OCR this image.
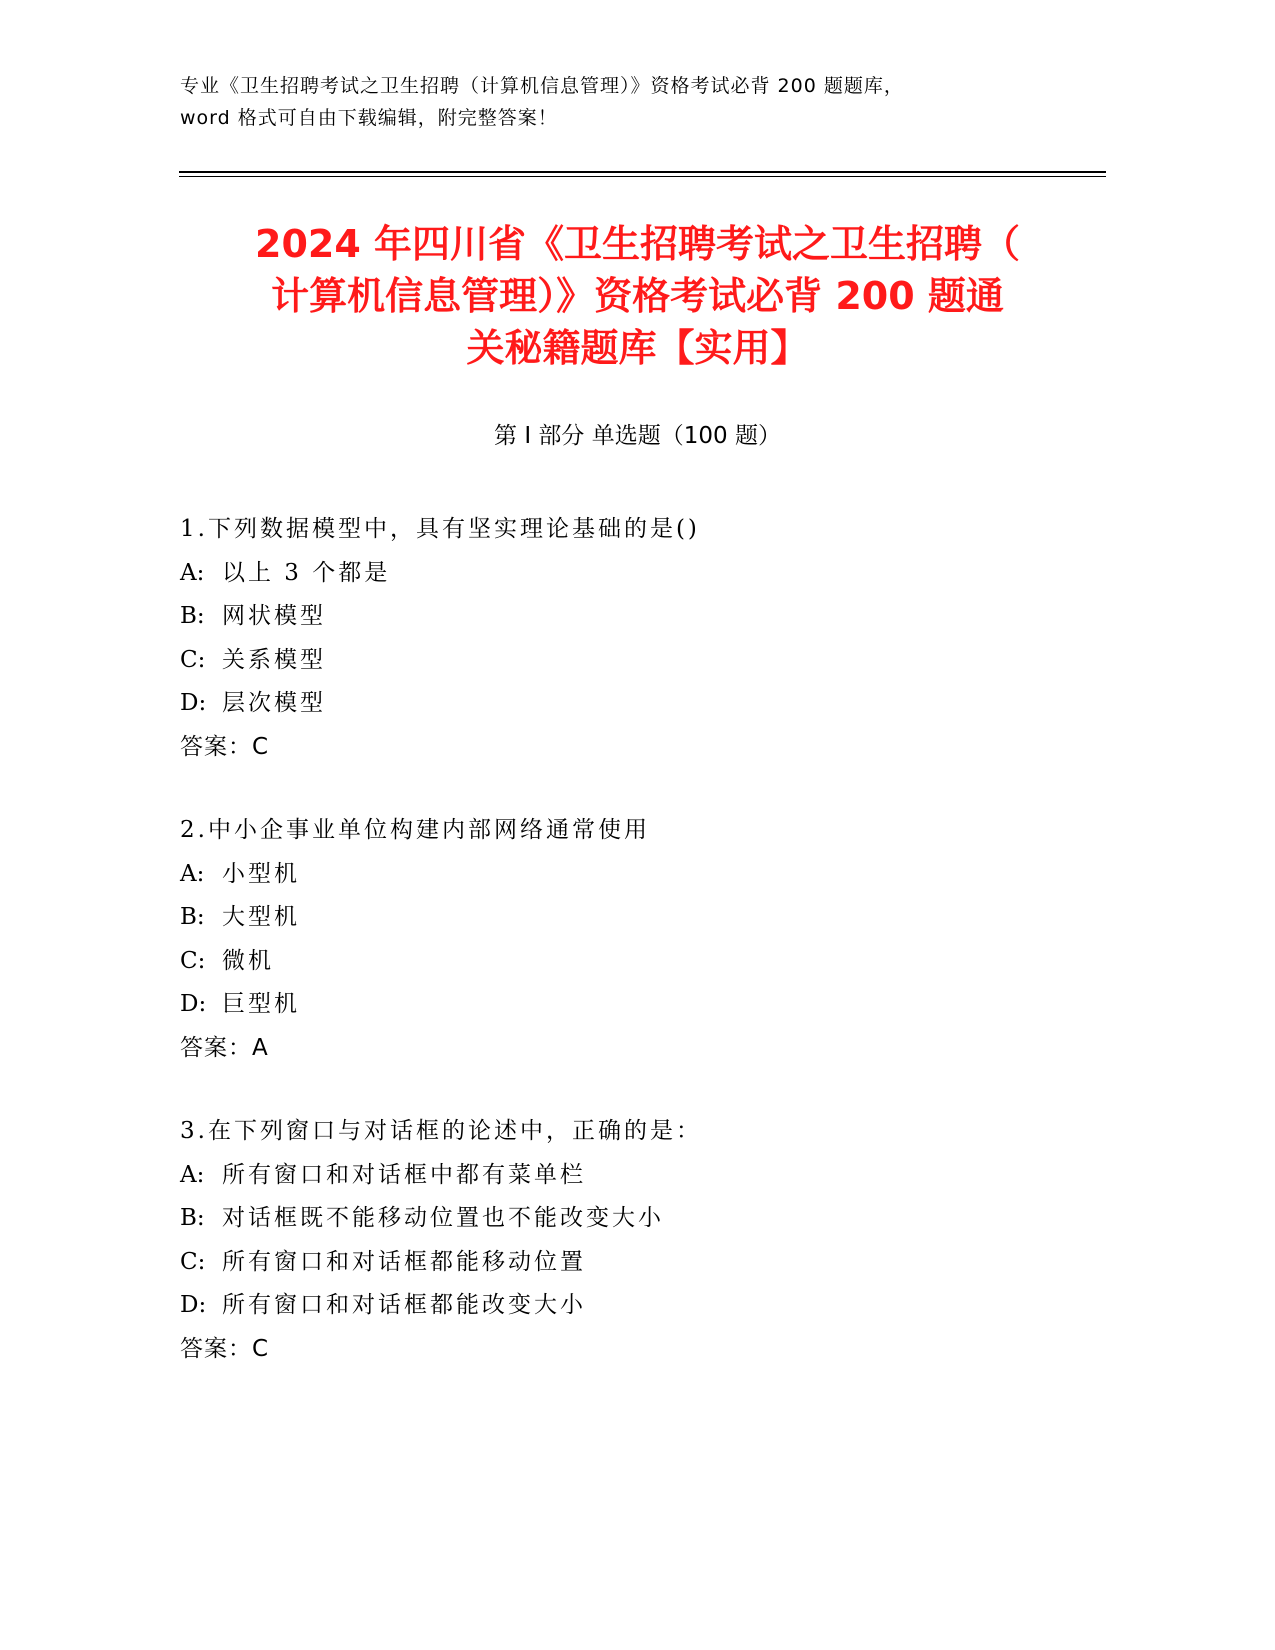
专业《卫生招聘考试之卫生招聘（计算机信息管理）》资格考试必背 200 题题库，
word 格式可自由下载编辑，附完整答案！
2024 年四川省《卫生招聘考试之卫生招聘（
计算机信息管理）》资格考试必背 200 题通
关秘籍题库【实用】
第 I 部分 单选题（100 题）
1.下列数据模型中，具有坚实理论基础的是()
A: 以上 3 个都是
B: 网状模型
C: 关系模型
D: 层次模型
答案：C
2.中小企事业单位构建内部网络通常使用
A: 小型机
B: 大型机
C: 微机
D: 巨型机
答案：A
3.在下列窗口与对话框的论述中，正确的是：
A: 所有窗口和对话框中都有菜单栏
B: 对话框既不能移动位置也不能改变大小
C: 所有窗口和对话框都能移动位置
D: 所有窗口和对话框都能改变大小
答案：C
